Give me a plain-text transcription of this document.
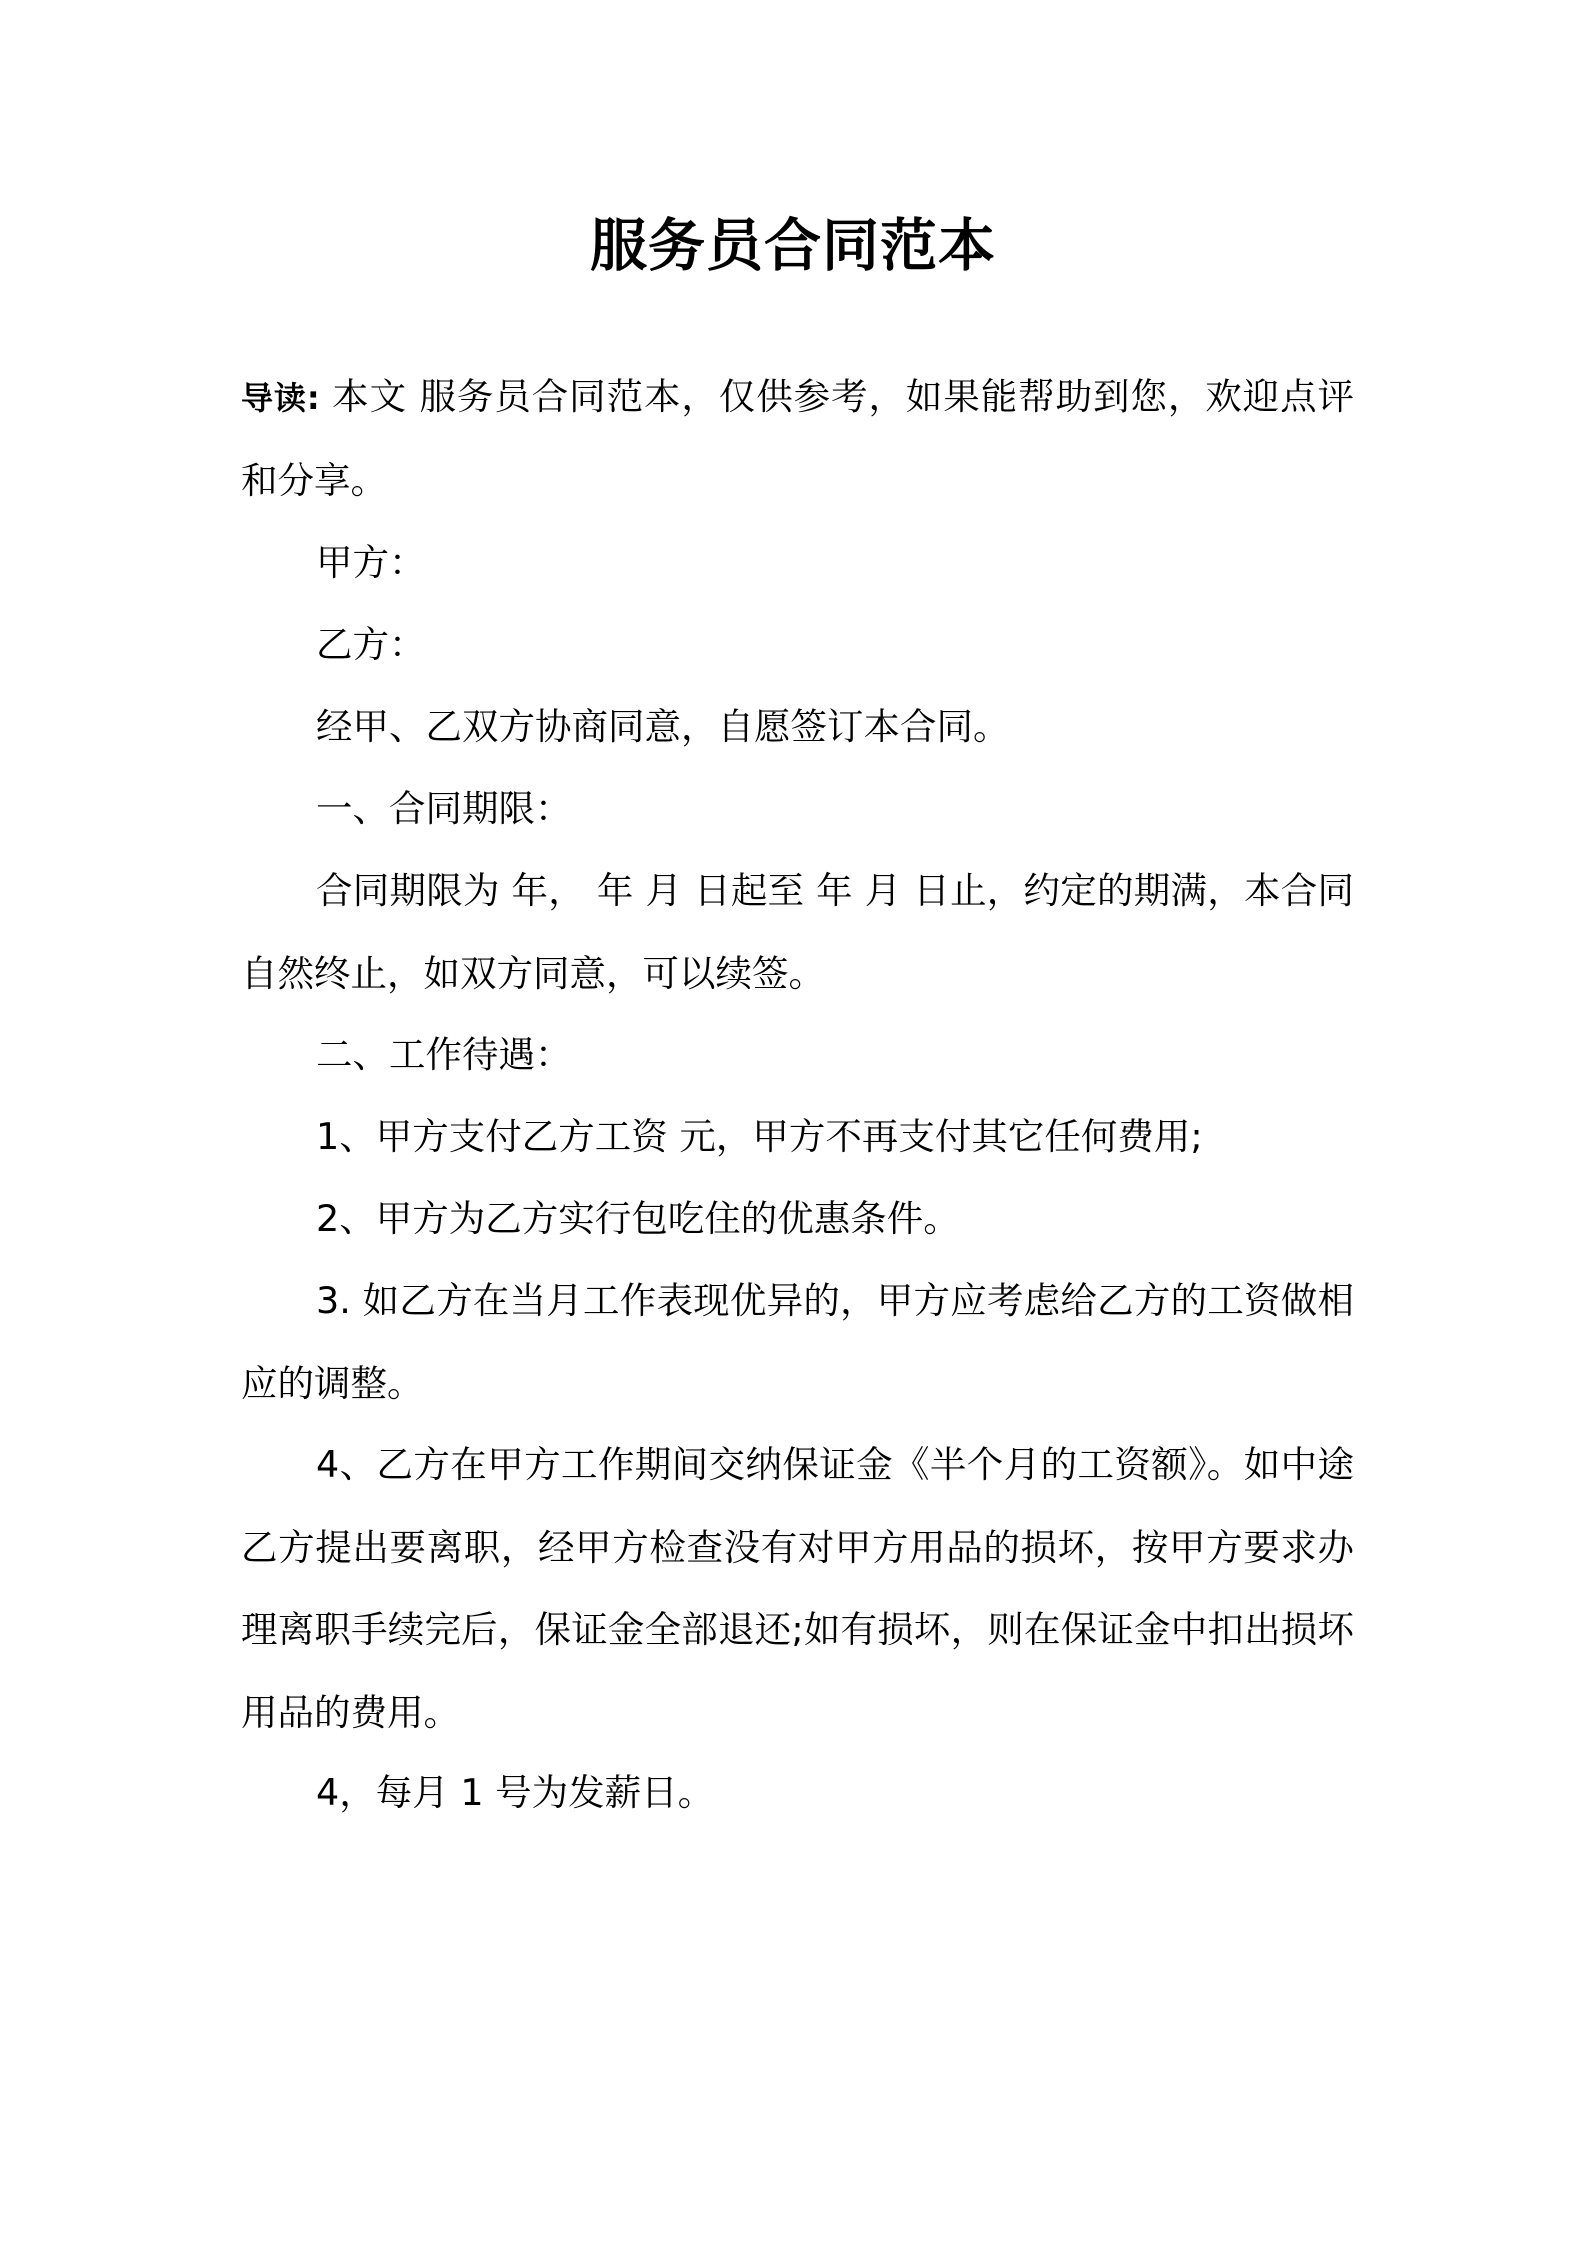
服务员合同范本

导读: 本文 服务员合同范本，仅供参考，如果能帮助到您，欢迎点评和分享。

甲方：

乙方：

经甲、乙双方协商同意，自愿签订本合同。

一、合同期限：

合同期限为 年， 年 月 日起至 年 月 日止，约定的期满，本合同自然终止，如双方同意，可以续签。

二、工作待遇：

1、甲方支付乙方工资 元，甲方不再支付其它任何费用;

2、甲方为乙方实行包吃住的优惠条件。

3. 如乙方在当月工作表现优异的，甲方应考虑给乙方的工资做相应的调整。

4、乙方在甲方工作期间交纳保证金《半个月的工资额》。如中途乙方提出要离职，经甲方检查没有对甲方用品的损坏，按甲方要求办理离职手续完后，保证金全部退还;如有损坏，则在保证金中扣出损坏用品的费用。

4，每月 1 号为发薪日。
